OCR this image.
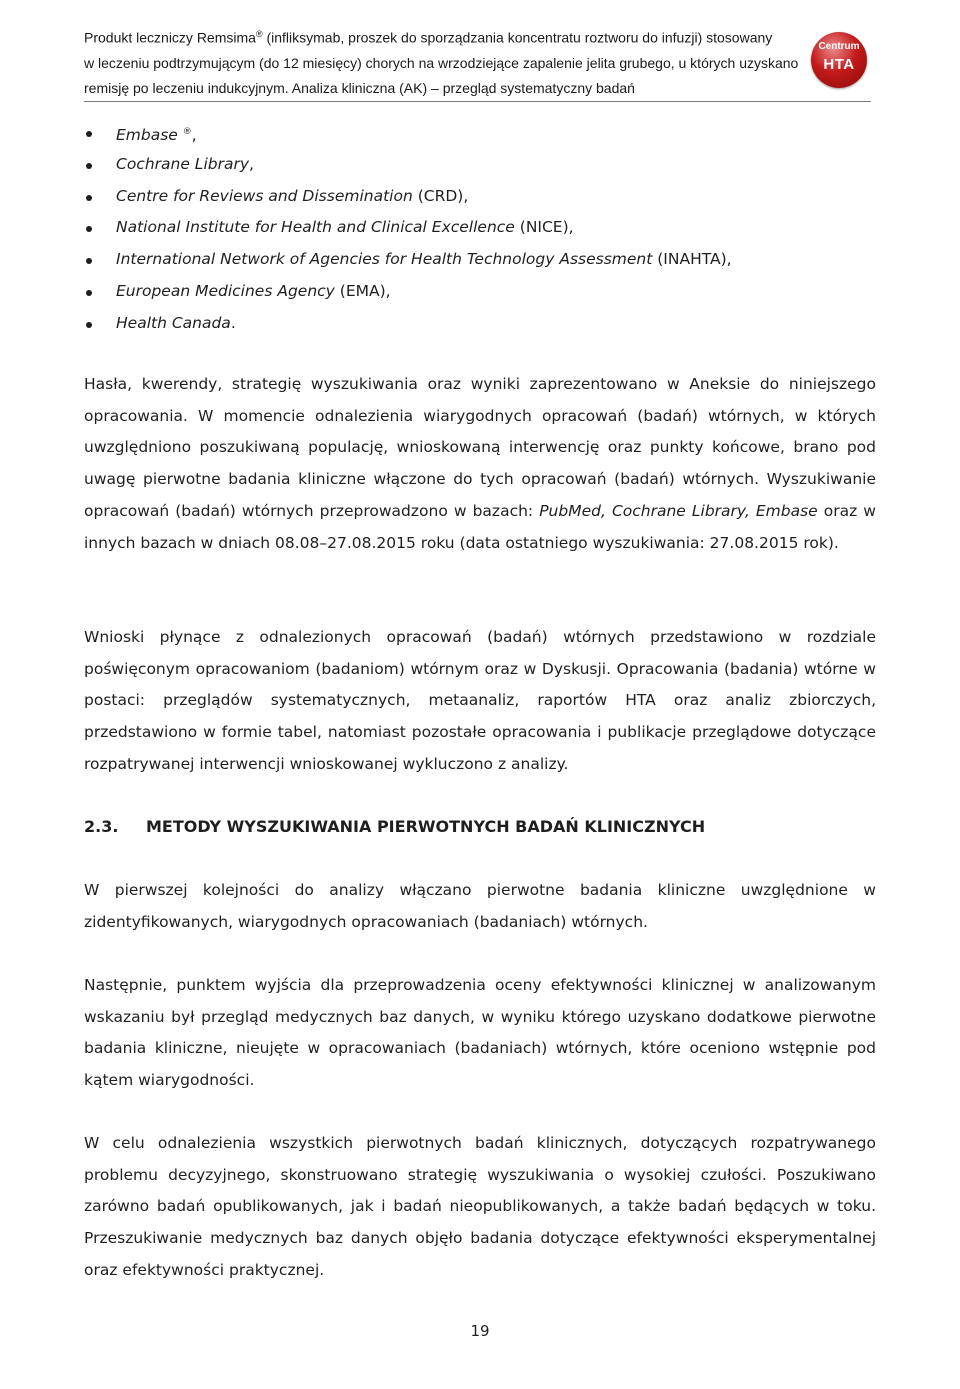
Produkt leczniczy Remsima® (infliksymab, proszek do sporządzania koncentratu roztworu do infuzji) stosowany
w leczeniu podtrzymującym (do 12 miesięcy) chorych na wrzodziejące zapalenie jelita grubego, u których uzyskano
remisję po leczeniu indukcyjnym. Analiza kliniczna (AK) – przegląd systematyczny badań
Centrum
HTA
Embase ®,
Cochrane Library,
Centre for Reviews and Dissemination (CRD),
National Institute for Health and Clinical Excellence (NICE),
International Network of Agencies for Health Technology Assessment (INAHTA),
European Medicines Agency (EMA),
Health Canada.

Hasła, kwerendy, strategię wyszukiwania oraz wyniki zaprezentowano w Aneksie do niniejszego opracowania. W momencie odnalezienia wiarygodnych opracowań (badań) wtórnych, w których uwzględniono poszukiwaną populację, wnioskowaną interwencję oraz punkty końcowe, brano pod uwagę pierwotne badania kliniczne włączone do tych opracowań (badań) wtórnych. Wyszukiwanie opracowań (badań) wtórnych przeprowadzono w bazach: PubMed, Cochrane Library, Embase oraz w innych bazach w dniach 08.08–27.08.2015 roku (data ostatniego wyszukiwania: 27.08.2015 rok).

Wnioski płynące z odnalezionych opracowań (badań) wtórnych przedstawiono w rozdziale poświęconym opracowaniom (badaniom) wtórnym oraz w Dyskusji. Opracowania (badania) wtórne w postaci: przeglądów systematycznych, metaanaliz, raportów HTA oraz analiz zbiorczych, przedstawiono w formie tabel, natomiast pozostałe opracowania i publikacje przeglądowe dotyczące rozpatrywanej interwencji wnioskowanej wykluczono z analizy.

2.3. METODY WYSZUKIWANIA PIERWOTNYCH BADAŃ KLINICZNYCH

W pierwszej kolejności do analizy włączano pierwotne badania kliniczne uwzględnione w zidentyfikowanych, wiarygodnych opracowaniach (badaniach) wtórnych.

Następnie, punktem wyjścia dla przeprowadzenia oceny efektywności klinicznej w analizowanym wskazaniu był przegląd medycznych baz danych, w wyniku którego uzyskano dodatkowe pierwotne badania kliniczne, nieujęte w opracowaniach (badaniach) wtórnych, które oceniono wstępnie pod kątem wiarygodności.

W celu odnalezienia wszystkich pierwotnych badań klinicznych, dotyczących rozpatrywanego problemu decyzyjnego, skonstruowano strategię wyszukiwania o wysokiej czułości. Poszukiwano zarówno badań opublikowanych, jak i badań nieopublikowanych, a także badań będących w toku. Przeszukiwanie medycznych baz danych objęło badania dotyczące efektywności eksperymentalnej oraz efektywności praktycznej.

19
